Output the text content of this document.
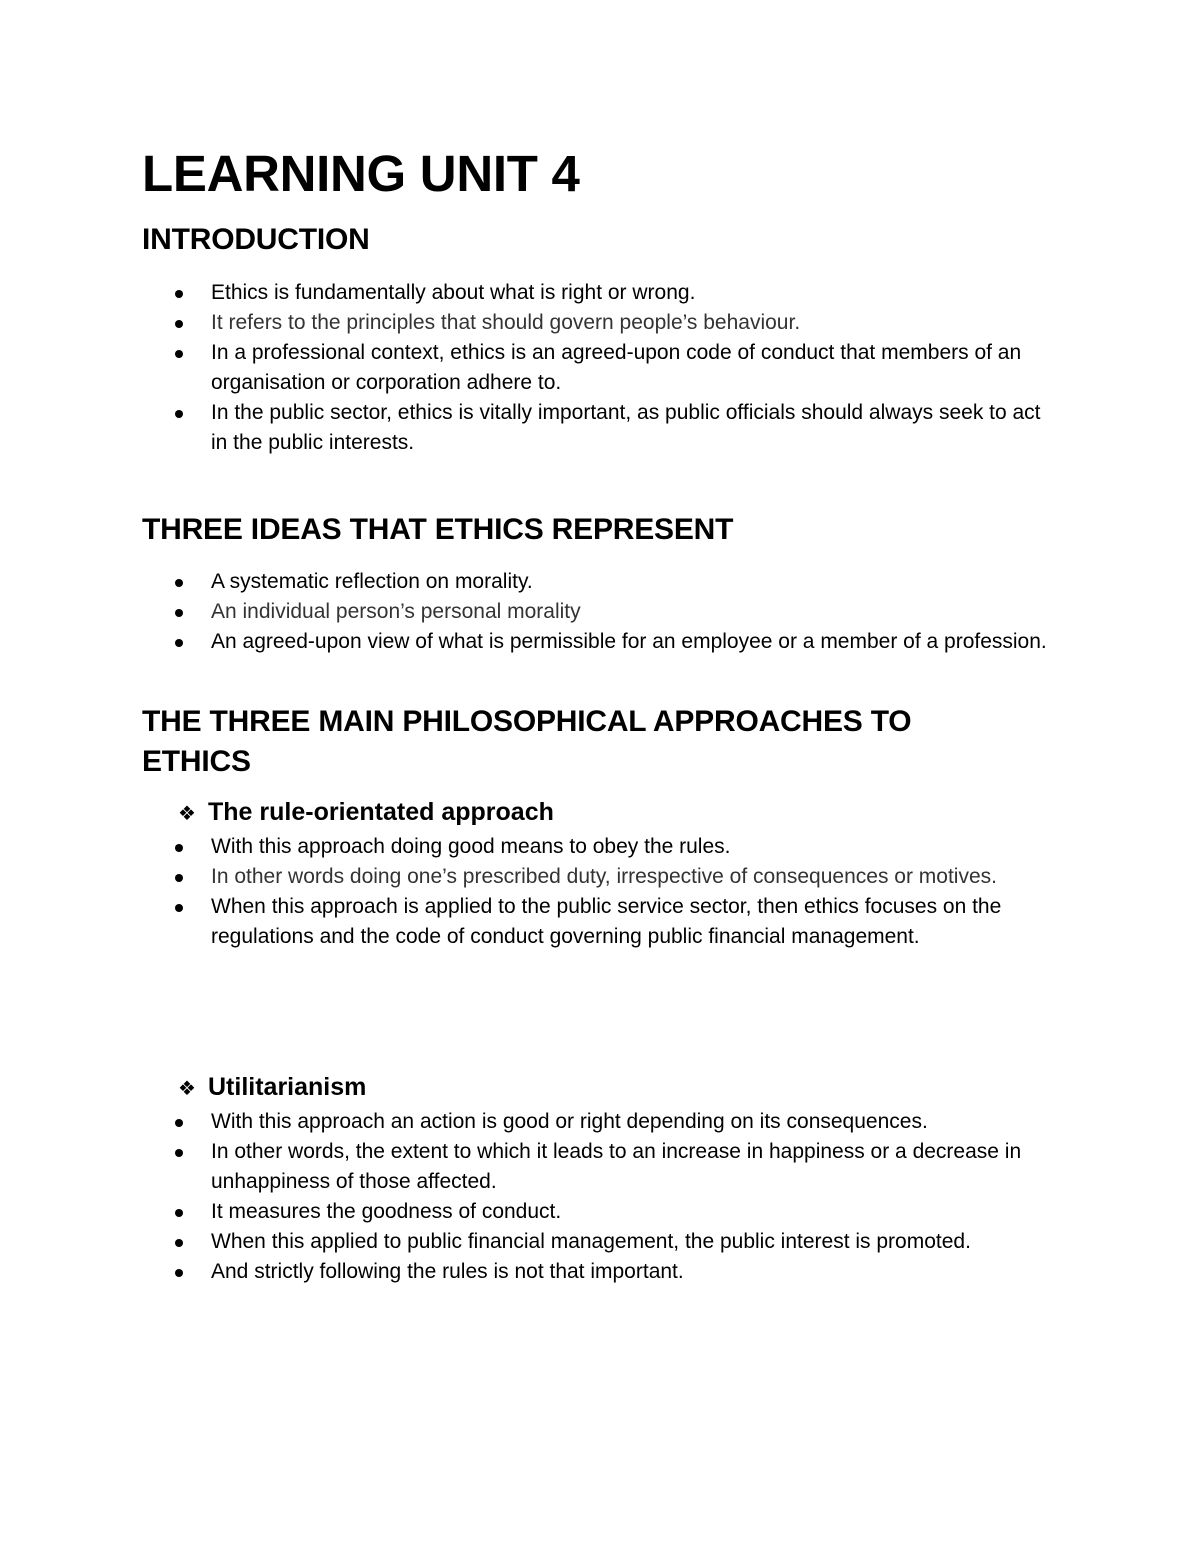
LEARNING UNIT 4
INTRODUCTION
Ethics is fundamentally about what is right or wrong.
It refers to the principles that should govern people’s behaviour.
In a professional context, ethics is an agreed-upon code of conduct that members of an organisation or corporation adhere to.
In the public sector, ethics is vitally important, as public officials should always seek to act in the public interests.
THREE IDEAS THAT ETHICS REPRESENT
A systematic reflection on morality.
An individual person’s personal morality
An agreed-upon view of what is permissible for an employee or a member of a profession.
THE THREE MAIN PHILOSOPHICAL APPROACHES TO ETHICS
❖ The rule-orientated approach
With this approach doing good means to obey the rules.
In other words doing one’s prescribed duty, irrespective of consequences or motives.
When this approach is applied to the public service sector, then ethics focuses on the regulations and the code of conduct governing public financial management.
❖ Utilitarianism
With this approach an action is good or right depending on its consequences.
In other words, the extent to which it leads to an increase in happiness or a decrease in unhappiness of those affected.
It measures the goodness of conduct.
When this applied to public financial management, the public interest is promoted.
And strictly following the rules is not that important.
